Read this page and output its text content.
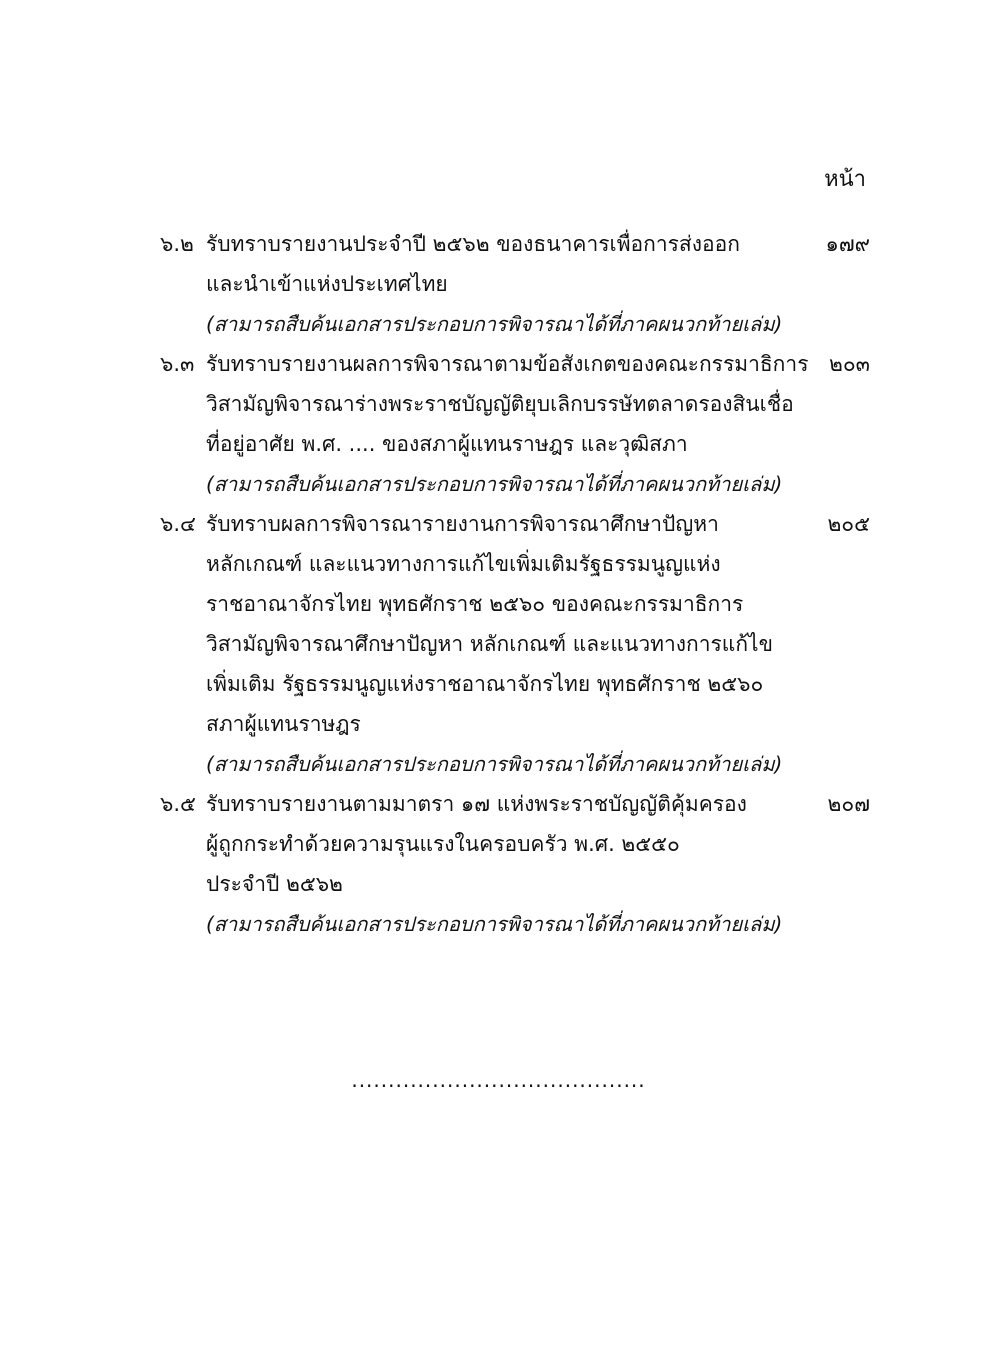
หน้า
๖.๒ รับทราบรายงานประจำปี ๒๕๖๒ ของธนาคารเพื่อการส่งออก	๑๗๙
และนำเข้าแห่งประเทศไทย
(สามารถสืบค้นเอกสารประกอบการพิจารณาได้ที่ภาคผนวกท้ายเล่ม)
๖.๓ รับทราบรายงานผลการพิจารณาตามข้อสังเกตของคณะกรรมาธิการ ๒๐๓
วิสามัญพิจารณาร่างพระราชบัญญัติยุบเลิกบรรษัทตลาดรองสินเชื่อ
ที่อยู่อาศัย พ.ศ. .... ของสภาผู้แทนราษฎร และวุฒิสภา
(สามารถสืบค้นเอกสารประกอบการพิจารณาได้ที่ภาคผนวกท้ายเล่ม)
๖.๔ รับทราบผลการพิจารณารายงานการพิจารณาศึกษาปัญหา	๒๐๕
หลักเกณฑ์ และแนวทางการแก้ไขเพิ่มเติมรัฐธรรมนูญแห่ง
ราชอาณาจักรไทย พุทธศักราช ๒๕๖๐ ของคณะกรรมาธิการ
วิสามัญพิจารณาศึกษาปัญหา หลักเกณฑ์ และแนวทางการแก้ไข
เพิ่มเติม รัฐธรรมนูญแห่งราชอาณาจักรไทย พุทธศักราช ๒๕๖๐
สภาผู้แทนราษฎร
(สามารถสืบค้นเอกสารประกอบการพิจารณาได้ที่ภาคผนวกท้ายเล่ม)
๖.๕ รับทราบรายงานตามมาตรา ๑๗ แห่งพระราชบัญญัติคุ้มครอง	๒๐๗
ผู้ถูกกระทำด้วยความรุนแรงในครอบครัว พ.ศ. ๒๕๕๐
ประจำปี ๒๕๖๒
(สามารถสืบค้นเอกสารประกอบการพิจารณาได้ที่ภาคผนวกท้ายเล่ม)
........................................
